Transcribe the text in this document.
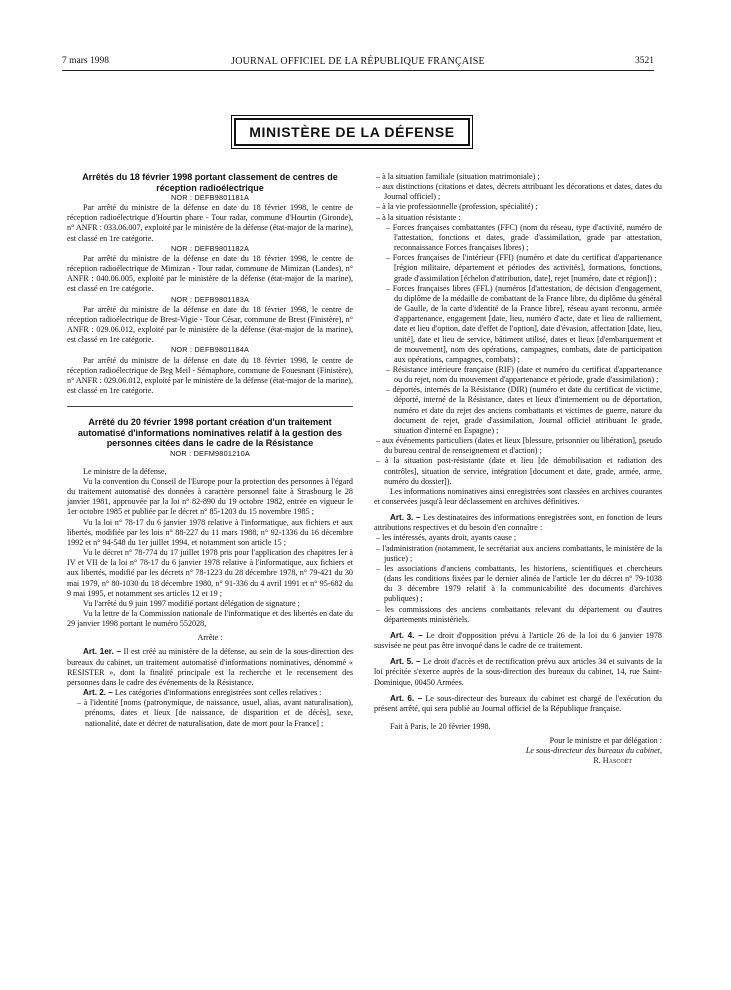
7 mars 1998	JOURNAL OFFICIEL DE LA RÉPUBLIQUE FRANÇAISE	3521
MINISTÈRE DE LA DÉFENSE

Arrêtés du 18 février 1998 portant classement de centres de réception radioélectrique

NOR : DEFB9801181A

Par arrêté du ministre de la défense en date du 18 février 1998, le centre de réception radioélectrique d'Hourtin phare - Tour radar, commune d'Hourtin (Gironde), n° ANFR : 033.06.007, exploité par le ministère de la défense (état-major de la marine), est classé en 1re catégorie.

NOR : DEFB9801182A

Par arrêté du ministre de la défense en date du 18 février 1998, le centre de réception radioélectrique de Mimizan - Tour radar, commune de Mimizan (Landes), n° ANFR : 040.06.005, exploité par le ministère de la défense (état-major de la marine), est classé en 1re catégorie.

NOR : DEFB9801183A

Par arrêté du ministre de la défense en date du 18 février 1998, le centre de réception radioélectrique de Brest-Vigie - Tour César, commune de Brest (Finistère), n° ANFR : 029.06.012, exploité par le ministère de la défense (état-major de la marine), est classé en 1re catégorie.

NOR : DEFB9801184A

Par arrêté du ministre de la défense en date du 18 février 1998, le centre de réception radioélectrique de Beg Meil - Sémaphore, commune de Fouesnant (Finistère), n° ANFR : 029.06.012, exploité par le ministère de la défense (état-major de la marine), est classé en 1re catégorie.

Arrêté du 20 février 1998 portant création d'un traitement automatisé d'informations nominatives relatif à la gestion des personnes citées dans le cadre de la Résistance

NOR : DEFM9801210A

Le ministre de la défense,

Vu la convention du Conseil de l'Europe pour la protection des personnes à l'égard du traitement automatisé des données à caractère personnel faite à Strasbourg le 28 janvier 1981, approuvée par la loi n° 82-890 du 19 octobre 1982, entrée en vigueur le 1er octobre 1985 et publiée par le décret n° 85-1203 du 15 novembre 1985 ;

Vu la loi n° 78-17 du 6 janvier 1978 relative à l'informatique, aux fichiers et aux libertés, modifiée par les lois n° 88-227 du 11 mars 1988, n° 92-1336 du 16 décembre 1992 et n° 94-548 du 1er juillet 1994, et notamment son article 15 ;

Vu le décret n° 78-774 du 17 juillet 1978 pris pour l'application des chapitres Ier à IV et VII de la loi n° 78-17 du 6 janvier 1978 relative à l'informatique, aux fichiers et aux libertés, modifié par les décrets n° 78-1223 du 28 décembre 1978, n° 79-421 du 30 mai 1979, n° 80-1030 du 18 décembre 1980, n° 91-336 du 4 avril 1991 et n° 95-682 du 9 mai 1995, et notamment ses articles 12 et 19 ;

Vu l'arrêté du 9 juin 1997 modifié portant délégation de signature ;

Vu la lettre de la Commission nationale de l'informatique et des libertés en date du 29 janvier 1998 portant le numéro 552028,

Arrête :

Art. 1er. – Il est créé au ministère de la défense, au sein de la sous-direction des bureaux du cabinet, un traitement automatisé d'informations nominatives, dénommé « RESISTER », dont la finalité principale est la recherche et le recensement des personnes dans le cadre des événements de la Résistance.

Art. 2. – Les catégories d'informations enregistrées sont celles relatives :

– à l'identité [noms (patronymique, de naissance, usuel, alias, avant naturalisation), prénoms, dates et lieux [de naissance, de disparition et de décès], sexe, nationalité, date et décret de naturalisation, date de mort pour la France] ;

– à la situation familiale (situation matrimoniale) ;

– aux distinctions (citations et dates, décrets attribuant les décorations et dates, dates du Journal officiel) ;

– à la vie professionnelle (profession, spécialité) ;

– à la situation résistante :

– Forces françaises combattantes (FFC) (nom du réseau, type d'activité, numéro de l'attestation, fonctions et dates, grade d'assimilation, grade par attestation, reconnaissance Forces françaises libres) ;

– Forces françaises de l'intérieur (FFI) (numéro et date du certificat d'appartenance [région militaire, département et périodes des activités], formations, fonctions, grade d'assimilation [échelon d'attribution, date], rejet [numéro, date et région]) ;

– Forces françaises libres (FFL) (numéros [d'attestation, de décision d'engagement, du diplôme de la médaille de combattant de la France libre, du diplôme du général de Gaulle, de la carte d'identité de la France libre], réseau ayant reconnu, armée d'appartenance, engagement [date, lieu, numéro d'acte, date et lieu de ralliement, date et lieu d'option, date d'effet de l'option], date d'évasion, affectation [date, lieu, unité], date et lieu de service, bâtiment utilisé, dates et lieux [d'embarquement et de mouvement], nom des opérations, campagnes, combats, date de participation aux opérations, campagnes, combats) ;

– Résistance intérieure française (RIF) (date et numéro du certificat d'appartenance ou du rejet, nom du mouvement d'appartenance et période, grade d'assimilation) ;

– déportés, internés de la Résistance (DIR) (numéro et date du certificat de victime, déporté, interné de la Résistance, dates et lieux d'internement ou de déportation, numéro et date du rejet des anciens combattants et victimes de guerre, nature du document de rejet, grade d'assimilation, Journal officiel attribuant le grade, situation d'interné en Espagne) ;

– aux événements particuliers (dates et lieux [blessure, prisonnier ou libération], pseudo du bureau central de renseignement et d'action) ;

– à la situation post-résistante (date et lieu [de démobilisation et radiation des contrôles], situation de service, intégration [document et date, grade, armée, arme, numéro du dossier]).

Les informations nominatives ainsi enregistrées sont classées en archives courantes et conservées jusqu'à leur déclassement en archives définitives.

Art. 3. – Les destinataires des informations enregistrées sont, en fonction de leurs attributions respectives et du besoin d'en connaître :

– les intéressés, ayants droit, ayants cause ;

– l'administration (notamment, le secrétariat aux anciens combattants, le ministère de la justice) ;

– les associations d'anciens combattants, les historiens, scientifiques et chercheurs (dans les conditions fixées par le dernier alinéa de l'article 1er du décret n° 79-1038 du 3 décembre 1979 relatif à la communicabilité des documents d'archives publiques) ;

– les commissions des anciens combattants relevant du département ou d'autres départements ministériels.

Art. 4. – Le droit d'opposition prévu à l'article 26 de la loi du 6 janvier 1978 susvisée ne peut pas être invoqué dans le cadre de ce traitement.

Art. 5. – Le droit d'accès et de rectification prévu aux articles 34 et suivants de la loi précitée s'exerce auprès de la sous-direction des bureaux du cabinet, 14, rue Saint-Dominique, 00450 Armées.

Art. 6. – Le sous-directeur des bureaux du cabinet est chargé de l'exécution du présent arrêté, qui sera publié au Journal officiel de la République française.

Fait à Paris, le 20 février 1998.

Pour le ministre et par délégation :

Le sous-directeur des bureaux du cabinet,

R. Hascoët
